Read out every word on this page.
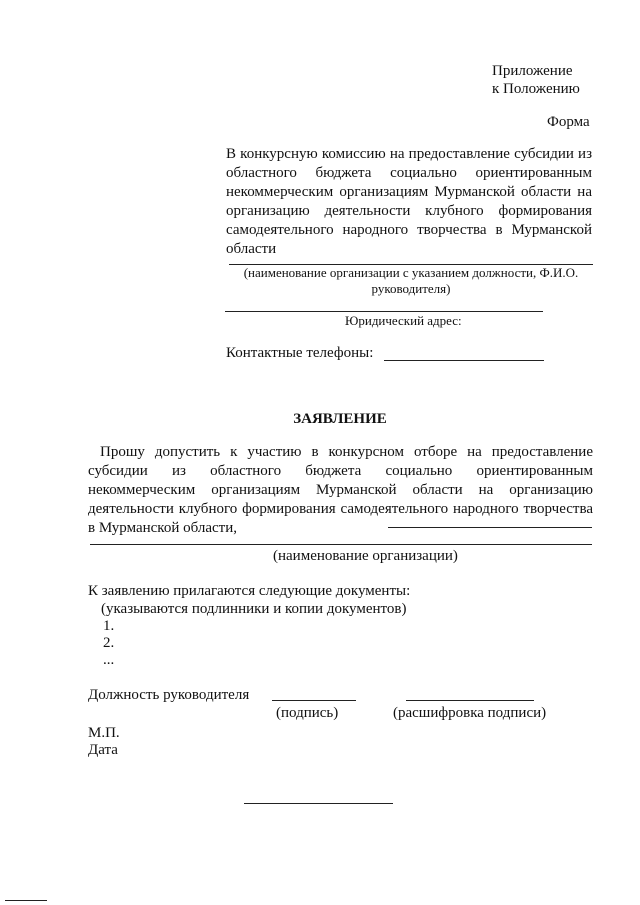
Приложение
к Положению
Форма
В конкурсную комиссию на предоставление субсидии из областного бюджета социально ориентированным некоммерческим организациям Мурманской области на организацию деятельности клубного формирования самодеятельного народного творчества в Мурманской области
(наименование организации с указанием должности, Ф.И.О. руководителя)
Юридический адрес:
Контактные телефоны:
ЗАЯВЛЕНИЕ
Прошу допустить к участию в конкурсном отборе на предоставление субсидии из областного бюджета социально ориентированным некоммерческим организациям Мурманской области на организацию деятельности клубного формирования самодеятельного народного творчества в Мурманской области,
(наименование организации)
К заявлению прилагаются следующие документы:
(указываются подлинники и копии документов)
1.
2.
...
Должность руководителя
(подпись)	(расшифровка подписи)
М.П.
Дата
